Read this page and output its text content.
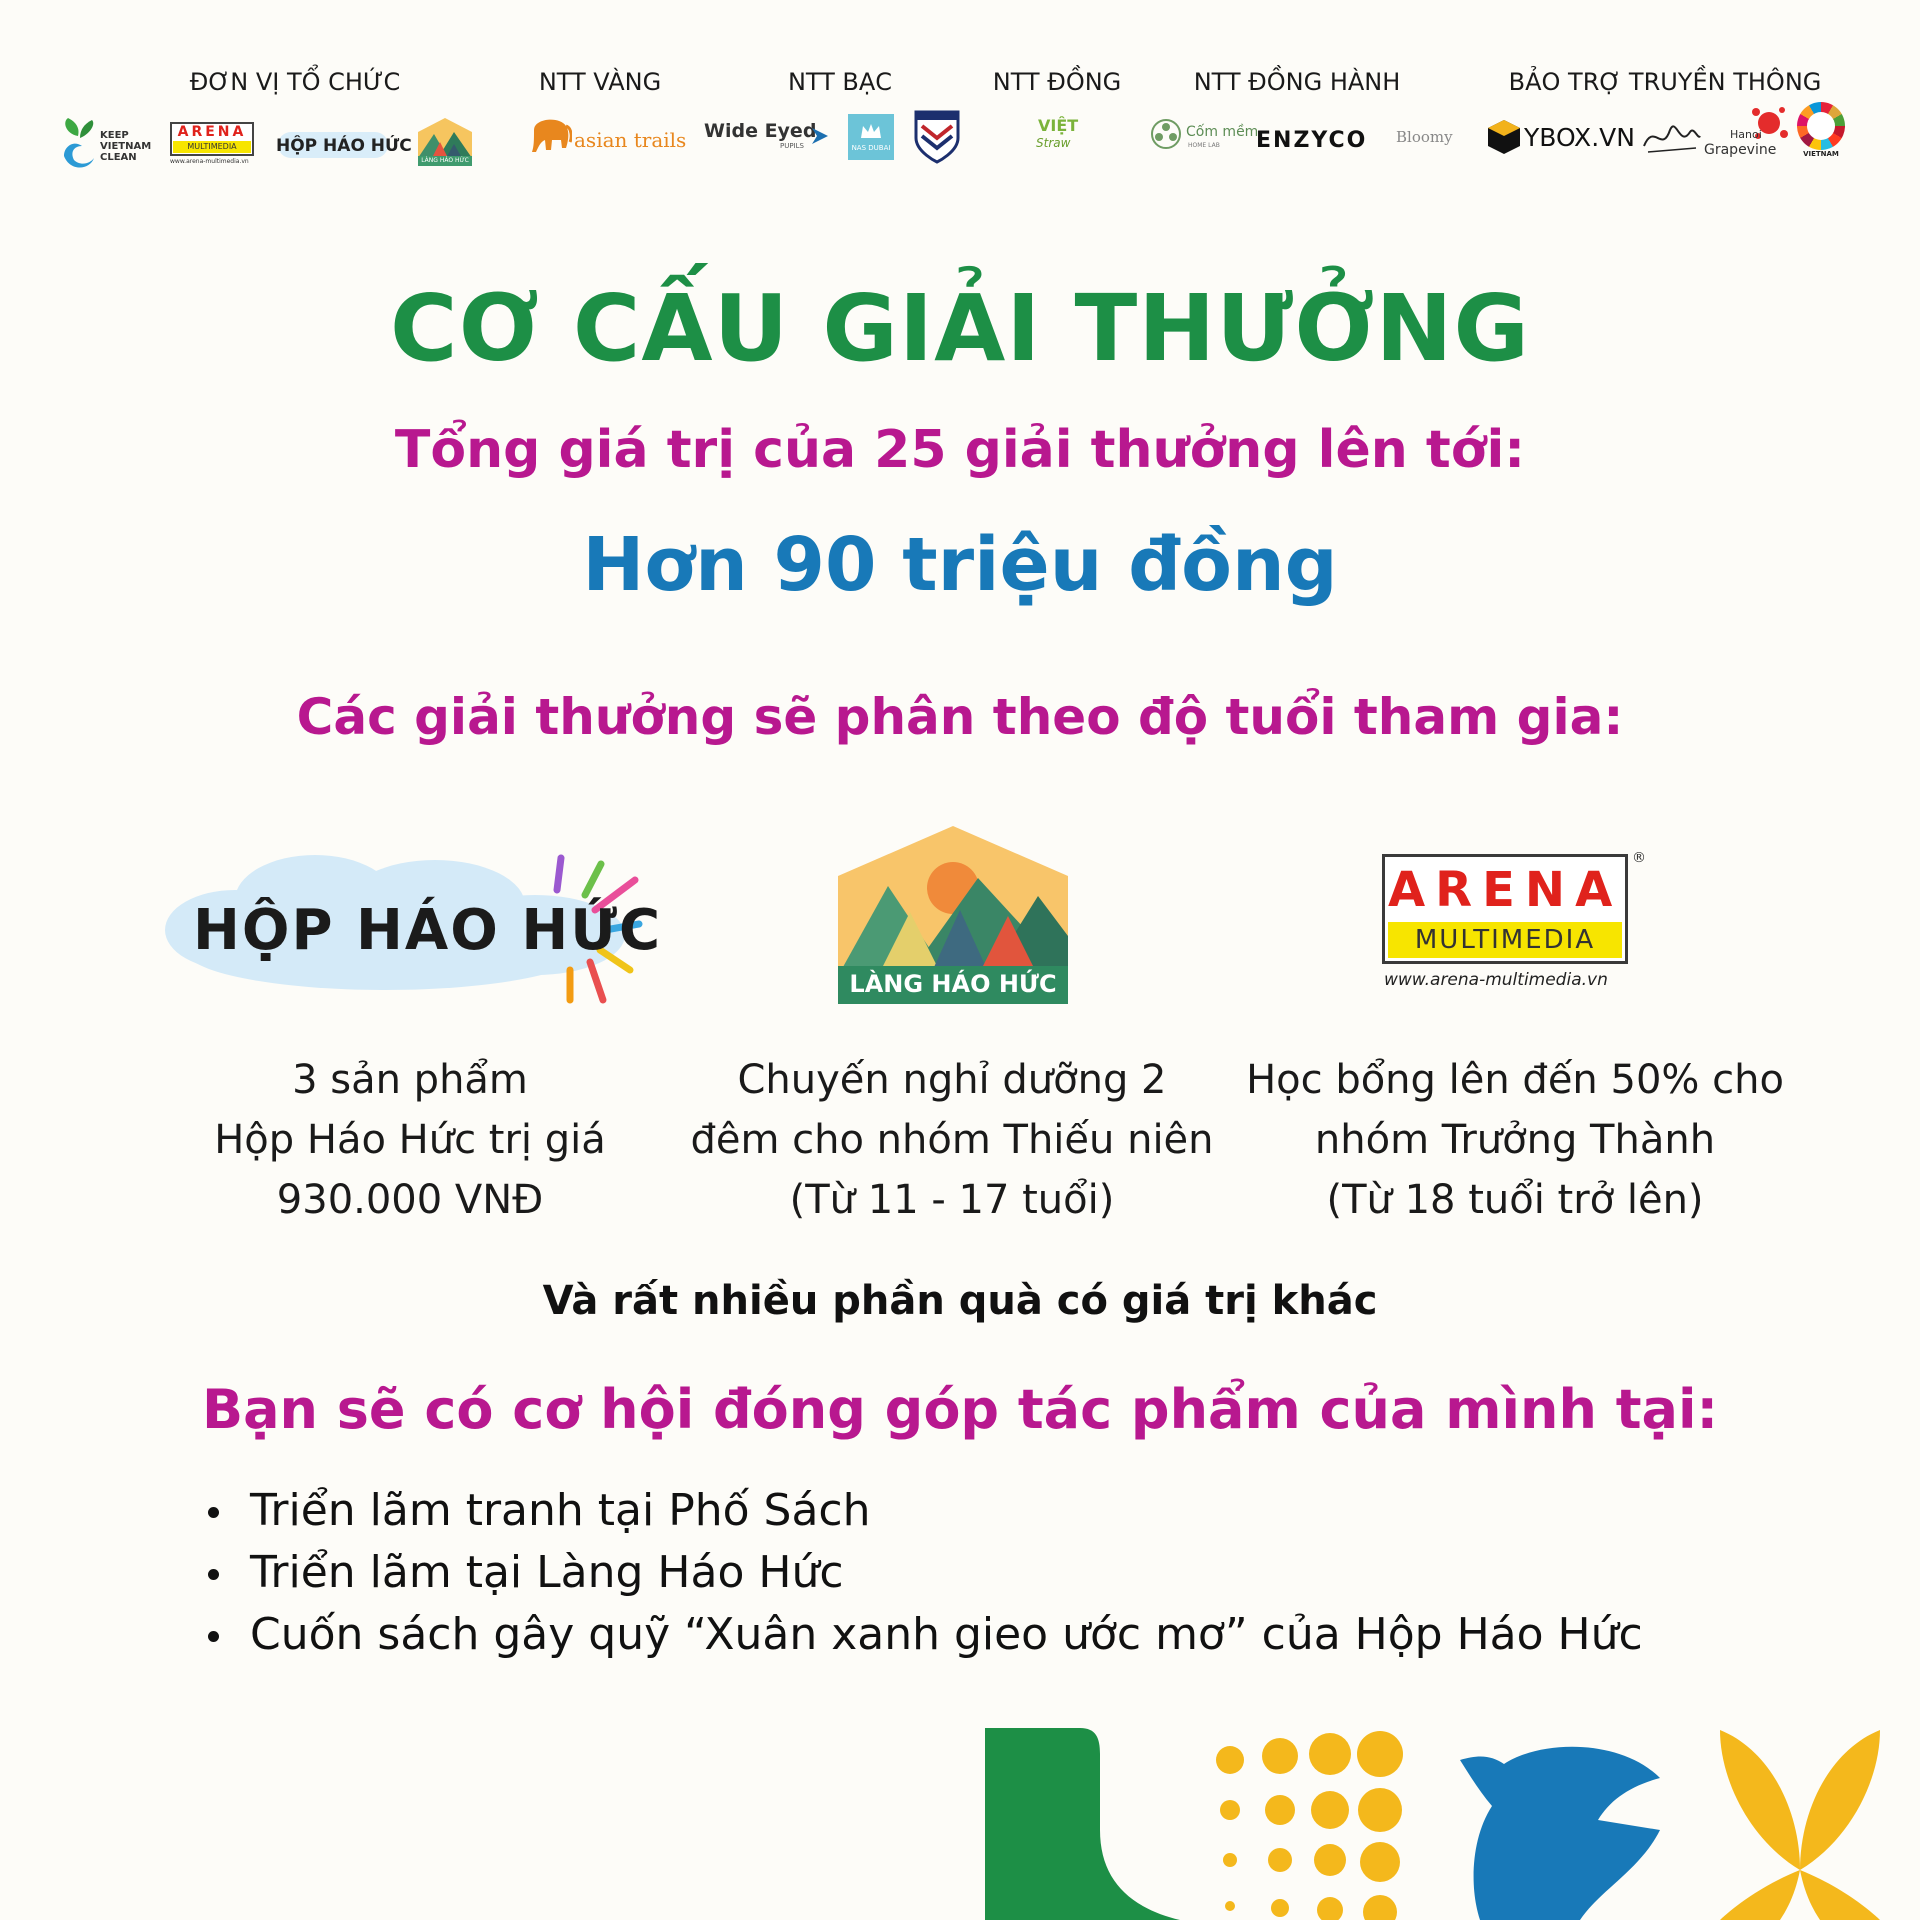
ĐƠN VỊ TỔ CHỨC	NTT VÀNG	NTT BẠC	NTT ĐỒNG	NTT ĐỒNG HÀNH	BẢO TRỢ TRUYỀN THÔNG
KEEP
VIETNAM
CLEAN
ARENA
MULTIMEDIA
www.arena-multimedia.vn
HỘP HÁO HỨC
LÀNG HÁO HỨC
asian trails Wide Eyed
PUPILS	NAS DUBAI
VIỆT
Straw
Cốm mềm
HOME LAB ENZYCO Bloomy	YBOX.VN	Hanoi
Grapevine	VIETNAM
CƠ CẤU GIẢI THƯỞNG
Tổng giá trị của 25 giải thưởng lên tới:
Hơn 90 triệu đồng
Các giải thưởng sẽ phân theo độ tuổi tham gia:
HỘP HÁO HỨC
LÀNG HÁO HỨC
ARENA
MULTIMEDIA
®
www.arena-multimedia.vn
3 sản phẩm
Hộp Háo Hức trị giá
930.000 VNĐ
Chuyến nghỉ dưỡng 2
đêm cho nhóm Thiếu niên
(Từ 11 - 17 tuổi)
Học bổng lên đến 50% cho
nhóm Trưởng Thành
(Từ 18 tuổi trở lên)
Và rất nhiều phần quà có giá trị khác
Bạn sẽ có cơ hội đóng góp tác phẩm của mình tại:
Triển lãm tranh tại Phố Sách
Triển lãm tại Làng Háo Hức
Cuốn sách gây quỹ “Xuân xanh gieo ước mơ” của Hộp Háo Hức
